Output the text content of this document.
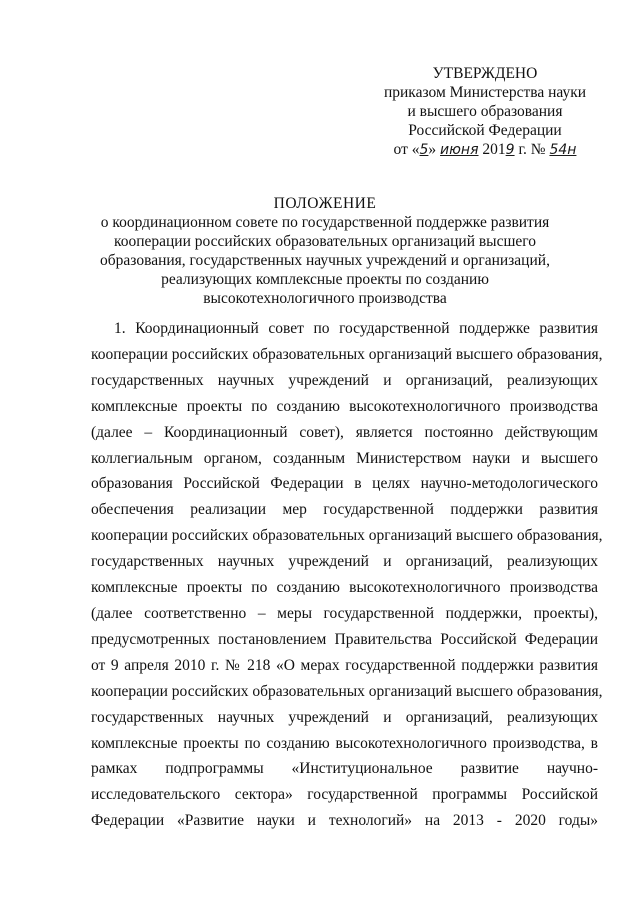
УТВЕРЖДЕНО
приказом Министерства науки
и высшего образования
Российской Федерации
от «5» июня 2019 г. № 54н
ПОЛОЖЕНИЕ
о координационном совете по государственной поддержке развития
кооперации российских образовательных организаций высшего
образования, государственных научных учреждений и организаций,
реализующих комплексные проекты по созданию
высокотехнологичного производства
1. Координационный совет по государственной поддержке развития
кооперации российских образовательных организаций высшего образования,
государственных научных учреждений и организаций, реализующих
комплексные проекты по созданию высокотехнологичного производства
(далее – Координационный совет), является постоянно действующим
коллегиальным органом, созданным Министерством науки и высшего
образования Российской Федерации в целях научно-методологического
обеспечения реализации мер государственной поддержки развития
кооперации российских образовательных организаций высшего образования,
государственных научных учреждений и организаций, реализующих
комплексные проекты по созданию высокотехнологичного производства
(далее соответственно – меры государственной поддержки, проекты),
предусмотренных постановлением Правительства Российской Федерации
от 9 апреля 2010 г. № 218 «О мерах государственной поддержки развития
кооперации российских образовательных организаций высшего образования,
государственных научных учреждений и организаций, реализующих
комплексные проекты по созданию высокотехнологичного производства, в
рамках подпрограммы «Институциональное развитие научно-
исследовательского сектора» государственной программы Российской
Федерации «Развитие науки и технологий» на 2013 - 2020 годы»
